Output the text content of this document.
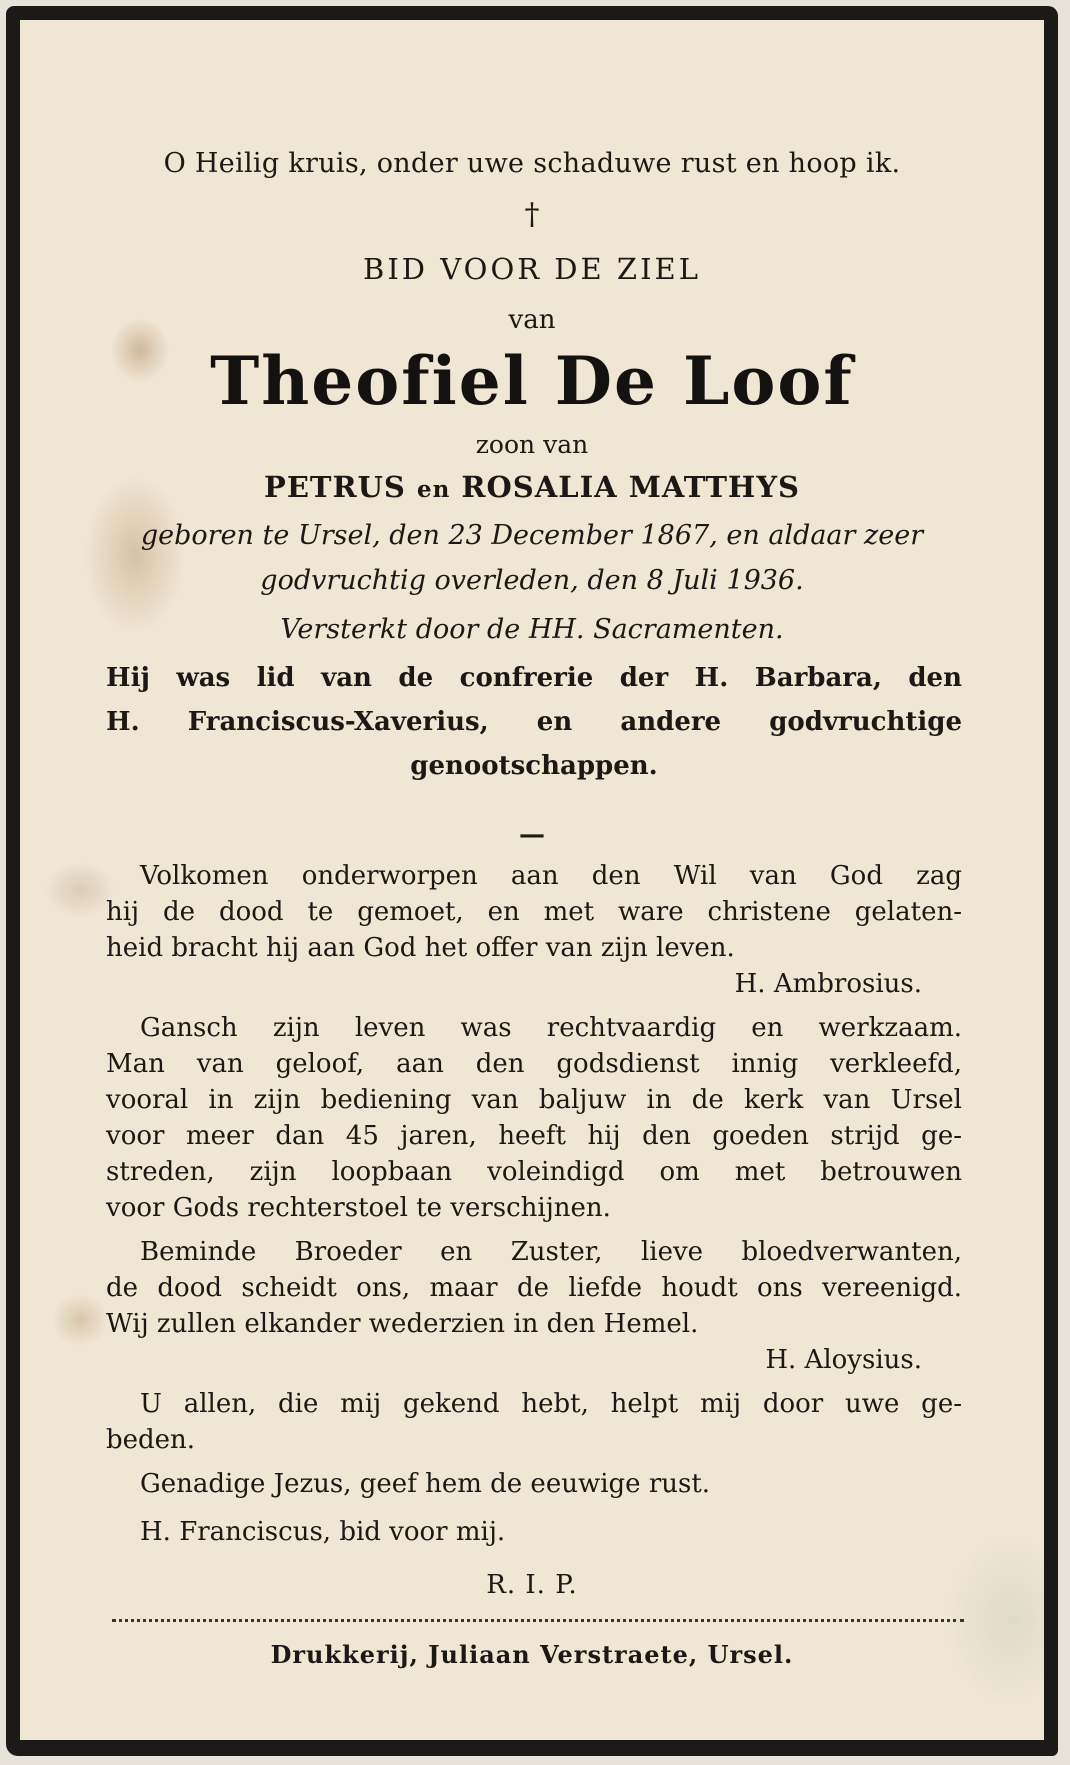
O Heilig kruis, onder uwe schaduwe rust en hoop ik.
†
BID VOOR DE ZIEL
van
Theofiel De Loof
zoon van
PETRUS en ROSALIA MATTHYS
geboren te Ursel, den 23 December 1867, en aldaar zeer
godvruchtig overleden, den 8 Juli 1936.
Versterkt door de HH. Sacramenten.
Hij was lid van de confrerie der H. Barbara, den
H. Franciscus-Xaverius, en andere godvruchtige
genootschappen.
—
Volkomen onderworpen aan den Wil van God zag
hij de dood te gemoet, en met ware christene gelaten-
heid bracht hij aan God het offer van zijn leven.
H. Ambrosius.
Gansch zijn leven was rechtvaardig en werkzaam.
Man van geloof, aan den godsdienst innig verkleefd,
vooral in zijn bediening van baljuw in de kerk van Ursel
voor meer dan 45 jaren, heeft hij den goeden strijd ge-
streden, zijn loopbaan voleindigd om met betrouwen
voor Gods rechterstoel te verschijnen.
Beminde Broeder en Zuster, lieve bloedverwanten,
de dood scheidt ons, maar de liefde houdt ons vereenigd.
Wij zullen elkander wederzien in den Hemel.
H. Aloysius.
U allen, die mij gekend hebt, helpt mij door uwe ge-
beden.
Genadige Jezus, geef hem de eeuwige rust.
H. Franciscus, bid voor mij.
R. I. P.
Drukkerij, Juliaan Verstraete, Ursel.
